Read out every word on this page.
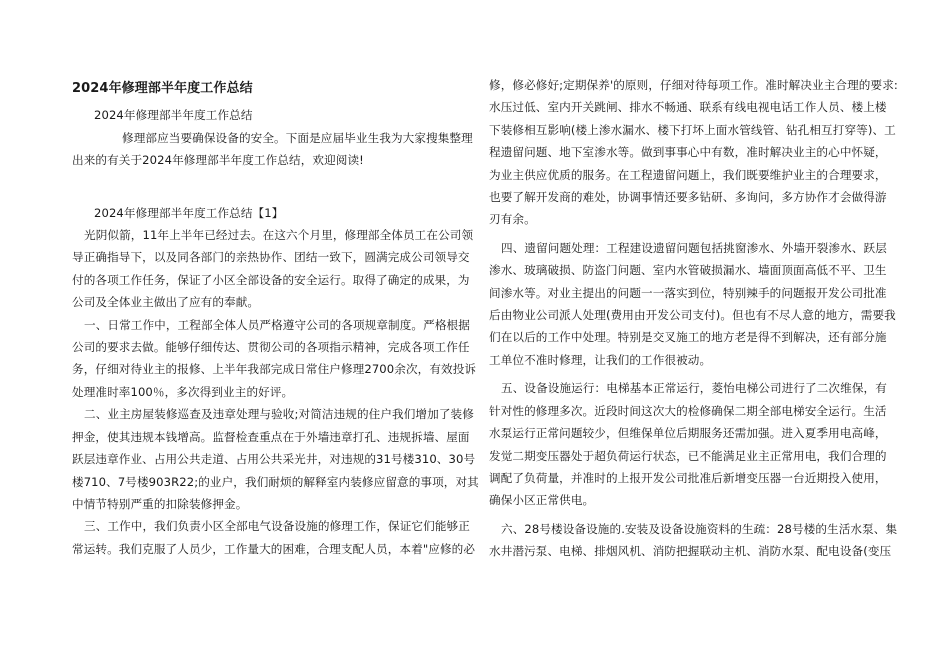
2024年修理部半年度工作总结
2024年修理部半年度工作总结
修理部应当要确保设备的安全。下面是应届毕业生我为大家搜集整理
出来的有关于2024年修理部半年度工作总结，欢迎阅读!
2024年修理部半年度工作总结【1】
光阴似箭，11年上半年已经过去。在这六个月里，修理部全体员工在公司领
导正确指导下，以及同各部门的亲热协作、团结一致下，圆满完成公司领导交
付的各项工作任务，保证了小区全部设备的安全运行。取得了确定的成果，为
公司及全体业主做出了应有的奉献。
一、日常工作中，工程部全体人员严格遵守公司的各项规章制度。严格根据
公司的要求去做。能够仔细传达、贯彻公司的各项指示精神，完成各项工作任
务，仔细对待业主的报修、上半年我部完成日常住户修理2700余次，有效投诉
处理准时率100％，多次得到业主的好评。
二、业主房屋装修巡查及违章处理与验收;对简洁违规的住户我们增加了装修
押金，使其违规本钱增高。监督检查重点在于外墙违章打孔、违规拆墙、屋面
跃层违章作业、占用公共走道、占用公共采光井，对违规的31号楼310、30号
楼710、7号楼903R22;的业户，我们耐烦的解释室内装修应留意的事项，对其
中情节特别严重的扣除装修押金。
三、工作中，我们负责小区全部电气设备设施的修理工作，保证它们能够正
常运转。我们克服了人员少，工作量大的困难，合理支配人员，本着"应修的必
修，修必修好;定期保养'的原则，仔细对待每项工作。准时解决业主合理的要求:
水压过低、室内开关跳闸、排水不畅通、联系有线电视电话工作人员、楼上楼
下装修相互影响(楼上渗水漏水、楼下打坏上面水管线管、钻孔相互打穿等)、工
程遗留问题、地下室渗水等。做到事事心中有数，准时解决业主的心中怀疑，
为业主供应优质的服务。在工程遗留问题上，我们既要维护业主的合理要求，
也要了解开发商的难处，协调事情还要多钻研、多询问，多方协作才会做得游
刃有余。
四、遗留问题处理：工程建设遗留问题包括挑窗渗水、外墙开裂渗水、跃层
渗水、玻璃破损、防盗门问题、室内水管破损漏水、墙面顶面高低不平、卫生
间渗水等。对业主提出的问题一一落实到位，特别辣手的问题报开发公司批准
后由物业公司派人处理(费用由开发公司支付)。但也有不尽人意的地方，需要我
们在以后的工作中处理。特别是交叉施工的地方老是得不到解决，还有部分施
工单位不准时修理，让我们的工作很被动。
五、设备设施运行：电梯基本正常运行，菱怡电梯公司进行了二次维保，有
针对性的修理多次。近段时间这次大的检修确保二期全部电梯安全运行。生活
水泵运行正常问题较少，但维保单位后期服务还需加强。进入夏季用电高峰，
发觉二期变压器处于超负荷运行状态，已不能满足业主正常用电，我们合理的
调配了负荷量，并准时的上报开发公司批准后新增变压器一台近期投入使用，
确保小区正常供电。
六、28号楼设备设施的.安装及设备设施资料的生疏：28号楼的生活水泵、集
水井潜污泵、电梯、排烟风机、消防把握联动主机、消防水泵、配电设备(变压
